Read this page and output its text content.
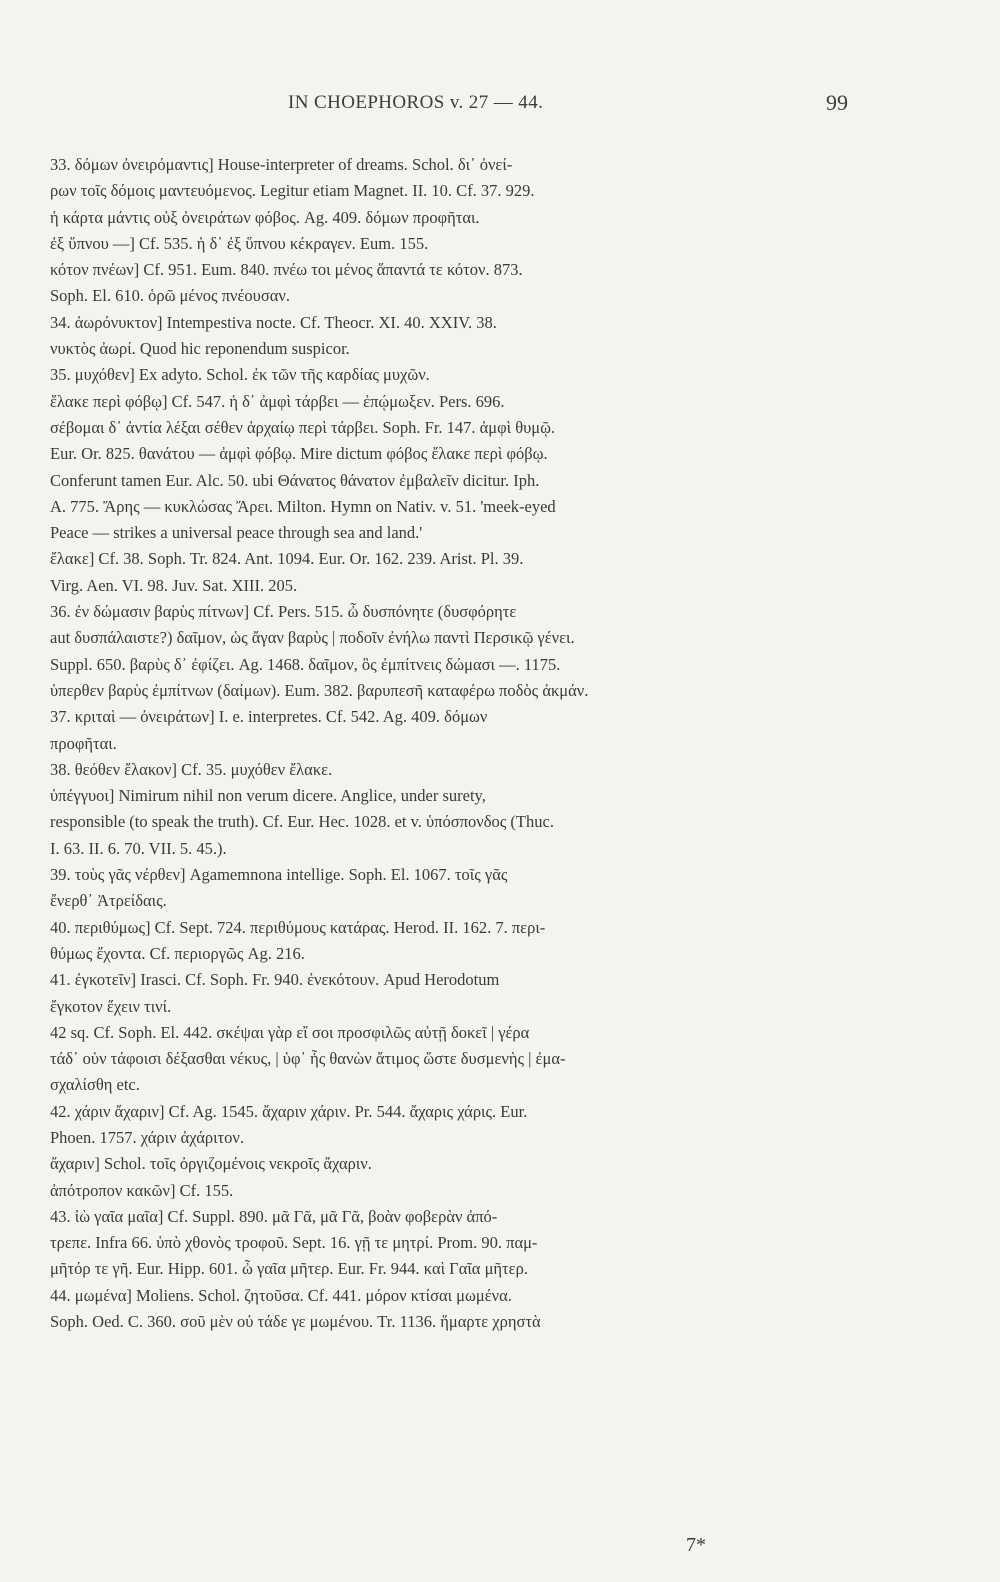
IN CHOEPHOROS v. 27 — 44.	99
33. δόμων ὀνειρόμαντις] House-interpreter of dreams. Schol. δι᾽ ὀνεί-
ρων τοῖς δόμοις μαντευόμενος. Legitur etiam Magnet. II. 10. Cf. 37. 929.
ἡ κάρτα μάντις οὐξ ὀνειράτων φόβος. Ag. 409. δόμων προφῆται.
ἐξ ὕπνου —] Cf. 535. ἡ δ᾽ ἐξ ὕπνου κέκραγεν. Eum. 155.
κότον πνέων] Cf. 951. Eum. 840. πνέω τοι μένος ἅπαντά τε κότον. 873.
Soph. El. 610. ὁρῶ μένος πνέουσαν.
34. ἀωρόνυκτον] Intempestiva nocte. Cf. Theocr. XI. 40. XXIV. 38.
νυκτὸς ἀωρί. Quod hic reponendum suspicor.
35. μυχόθεν] Ex adyto. Schol. ἐκ τῶν τῆς καρδίας μυχῶν.
ἔλακε περὶ φόβῳ] Cf. 547. ἡ δ᾽ ἀμφὶ τάρβει — ἐπῴμωξεν. Pers. 696.
σέβομαι δ᾽ ἀντία λέξαι σέθεν ἀρχαίῳ περὶ τάρβει. Soph. Fr. 147. ἀμφὶ θυμῷ.
Eur. Or. 825. θανάτου — ἀμφὶ φόβῳ. Mire dictum φόβος ἔλακε περὶ φόβῳ.
Conferunt tamen Eur. Alc. 50. ubi Θάνατος θάνατον ἐμβαλεῖν dicitur. Iph.
A. 775. Ἄρης — κυκλώσας Ἄρει. Milton. Hymn on Nativ. v. 51. 'meek-eyed
Peace — strikes a universal peace through sea and land.'
ἔλακε] Cf. 38. Soph. Tr. 824. Ant. 1094. Eur. Or. 162. 239. Arist. Pl. 39.
Virg. Aen. VI. 98. Juv. Sat. XIII. 205.
36. ἐν δώμασιν βαρὺς πίτνων] Cf. Pers. 515. ὦ δυσπόνητε (δυσφόρητε
aut δυσπάλαιστε?) δαῖμον, ὡς ἄγαν βαρὺς | ποδοῖν ἐνήλω παντὶ Περσικῷ γένει.
Suppl. 650. βαρὺς δ᾽ ἐφίζει. Ag. 1468. δαῖμον, ὃς ἐμπίτνεις δώμασι —. 1175.
ὑπερθεν βαρὺς ἐμπίτνων (δαίμων). Eum. 382. βαρυπεσῆ καταφέρω ποδὸς ἀκμάν.
37. κριταὶ — ὀνειράτων] I. e. interpretes. Cf. 542. Ag. 409. δόμων
προφῆται.
38. θεόθεν ἔλακον] Cf. 35. μυχόθεν ἔλακε.
ὑπέγγυοι] Nimirum nihil non verum dicere. Anglice, under surety,
responsible (to speak the truth). Cf. Eur. Hec. 1028. et v. ὑπόσπονδος (Thuc.
I. 63. II. 6. 70. VII. 5. 45.).
39. τοὺς γᾶς νέρθεν] Agamemnona intellige. Soph. El. 1067. τοῖς γᾶς
ἔνερθ᾽ Ἀτρείδαις.
40. περιθύμως] Cf. Sept. 724. περιθύμους κατάρας. Herod. II. 162. 7. περι-
θύμως ἔχοντα. Cf. περιοργῶς Ag. 216.
41. ἐγκοτεῖν] Irasci. Cf. Soph. Fr. 940. ἐνεκότουν. Apud Herodotum
ἔγκοτον ἔχειν τινί.
42 sq. Cf. Soph. El. 442. σκέψαι γὰρ εἴ σοι προσφιλῶς αὐτῇ δοκεῖ | γέρα
τάδ᾽ οὑν τάφοισι δέξασθαι νέκυς, | ὑφ᾽ ἧς θανὼν ἄτιμος ὥστε δυσμενὴς | ἐμα-
σχαλίσθη etc.
42. χάριν ἄχαριν] Cf. Ag. 1545. ἄχαριν χάριν. Pr. 544. ἄχαρις χάρις. Eur.
Phoen. 1757. χάριν ἀχάριτον.
ἄχαριν] Schol. τοῖς ὀργιζομένοις νεκροῖς ἄχαριν.
ἀπότροπον κακῶν] Cf. 155.
43. ἰὼ γαῖα μαῖα] Cf. Suppl. 890. μᾶ Γᾶ, μᾶ Γᾶ, βοὰν φοβερὰν ἀπό-
τρεπε. Infra 66. ὑπὸ χθονὸς τροφοῦ. Sept. 16. γῇ τε μητρί. Prom. 90. παμ-
μῆτόρ τε γῆ. Eur. Hipp. 601. ὦ γαῖα μῆτερ. Eur. Fr. 944. καὶ Γαῖα μῆτερ.
44. μωμένα] Moliens. Schol. ζητοῦσα. Cf. 441. μόρον κτίσαι μωμένα.
Soph. Oed. C. 360. σοῦ μὲν οὐ τάδε γε μωμένου. Tr. 1136. ἥμαρτε χρηστὰ
7*
